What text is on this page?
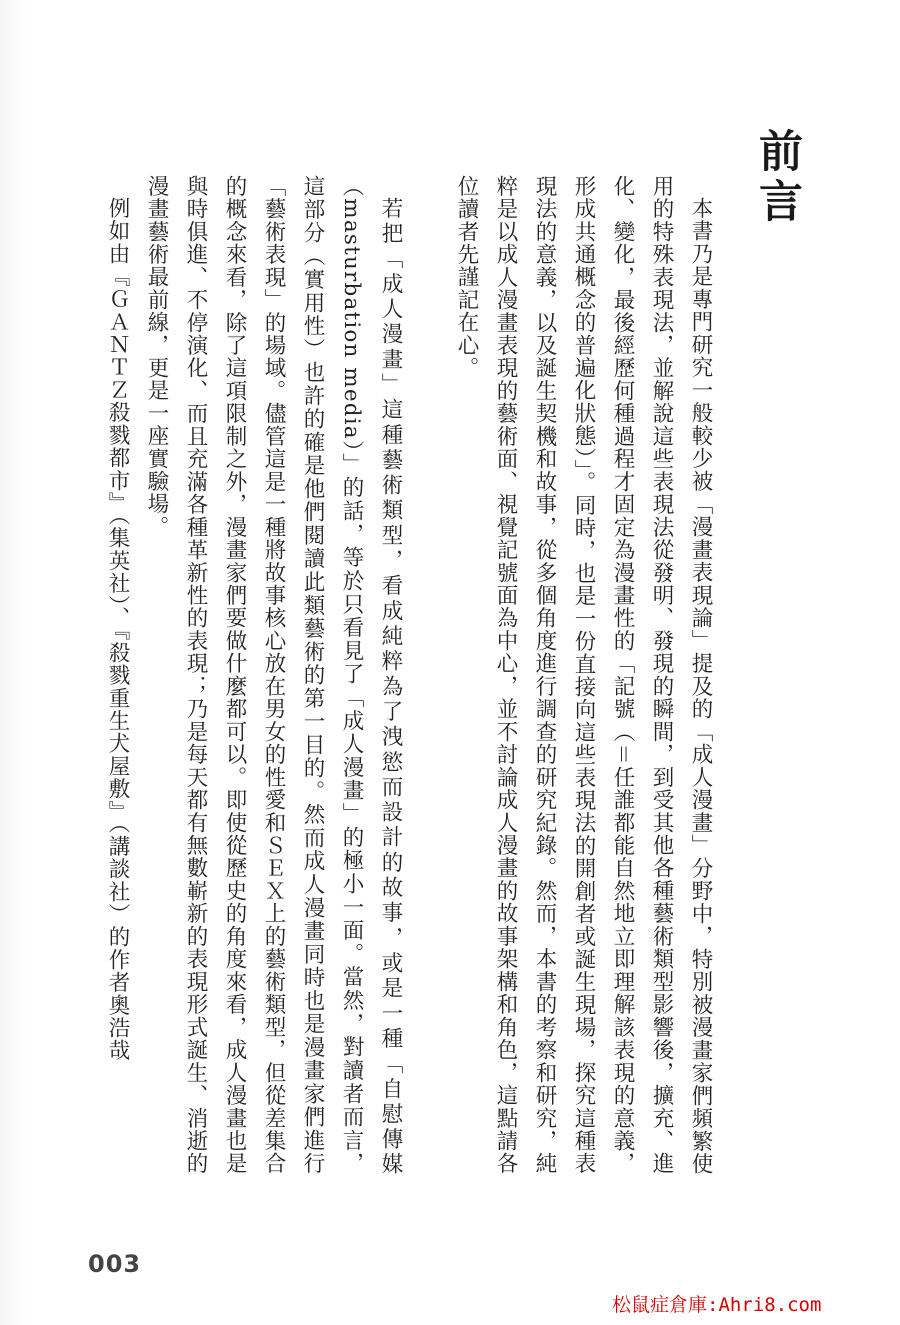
前言

本書乃是專門研究一般較少被「漫畫表現論」提及的「成人漫畫」分野中，特別被漫畫家們頻繁使用的特殊表現法，並解說這些表現法從發明、發現的瞬間，到受其他各種藝術類型影響後，擴充、進化、變化，最後經歷何種過程才固定為漫畫性的「記號（＝任誰都能自然地立即理解該表現的意義，形成共通概念的普遍化狀態）」。同時，也是一份直接向這些表現法的開創者或誕生現場，探究這種表現法的意義，以及誕生契機和故事，從多個角度進行調查的研究紀錄。然而，本書的考察和研究，純粹是以成人漫畫表現的藝術面、視覺記號面為中心，並不討論成人漫畫的故事架構和角色，這點請各位讀者先謹記在心。

若把「成人漫畫」這種藝術類型，看成純粹為了洩慾而設計的故事，或是一種「自慰傳媒（masturbation media）」的話，等於只看見了「成人漫畫」的極小一面。當然，對讀者而言，這部分（實用性）也許的確是他們閱讀此類藝術的第一目的。然而成人漫畫同時也是漫畫家們進行「藝術表現」的場域。儘管這是一種將故事核心放在男女的性愛和ＳＥＸ上的藝術類型，但從差集合的概念來看，除了這項限制之外，漫畫家們要做什麼都可以。即使從歷史的角度來看，成人漫畫也是與時俱進、不停演化、而且充滿各種革新性的表現；乃是每天都有無數嶄新的表現形式誕生、消逝的漫畫藝術最前線，更是一座實驗場。

例如由『ＧＡＮＴＺ殺戮都市』（集英社）、『殺戮重生犬屋敷』（講談社）的作者奧浩哉

003
松鼠症倉庫:Ahri8.com
